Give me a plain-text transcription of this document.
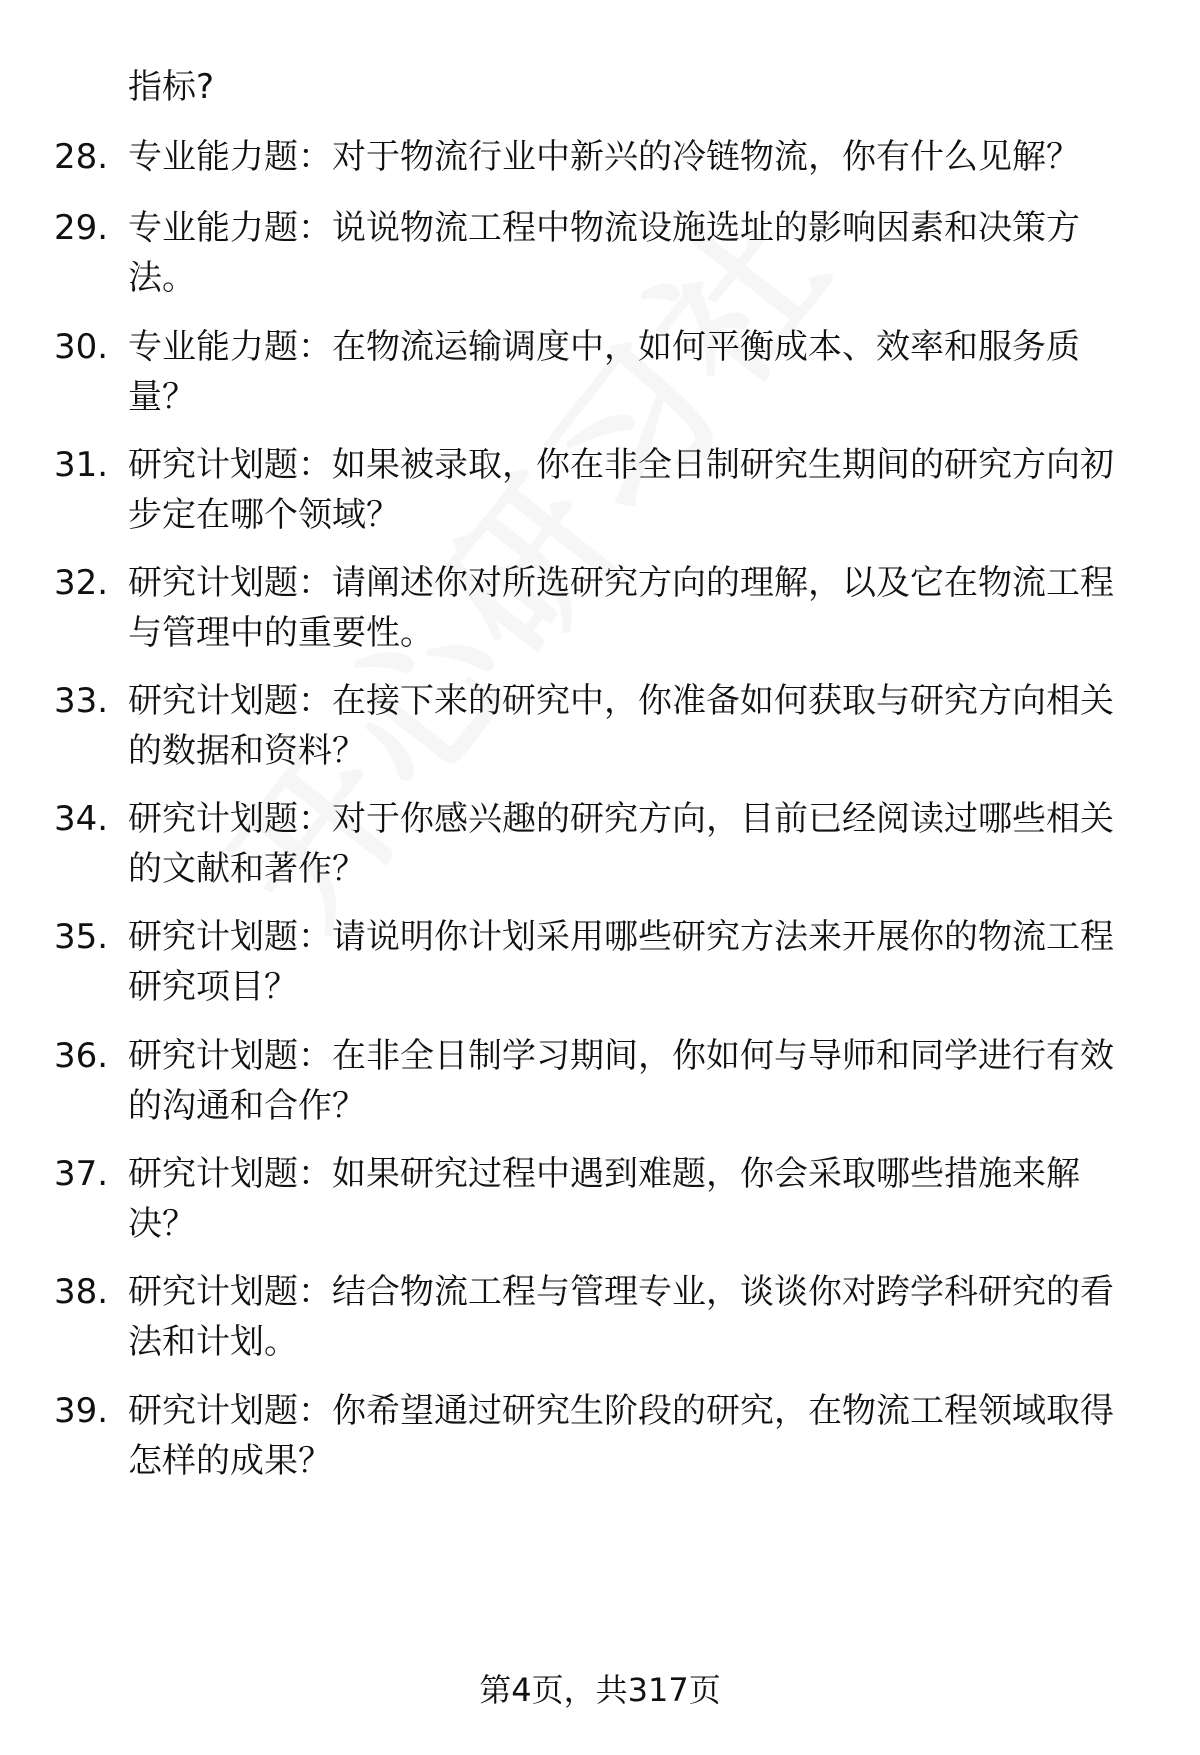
指标?
28. 专业能力题：对于物流行业中新兴的冷链物流，你有什么见解？
29. 专业能力题：说说物流工程中物流设施选址的影响因素和决策方法。
30. 专业能力题：在物流运输调度中，如何平衡成本、效率和服务质量？
31. 研究计划题：如果被录取，你在非全日制研究生期间的研究方向初步定在哪个领域？
32. 研究计划题：请阐述你对所选研究方向的理解，以及它在物流工程与管理中的重要性。
33. 研究计划题：在接下来的研究中，你准备如何获取与研究方向相关的数据和资料？
34. 研究计划题：对于你感兴趣的研究方向，目前已经阅读过哪些相关的文献和著作？
35. 研究计划题：请说明你计划采用哪些研究方法来开展你的物流工程研究项目？
36. 研究计划题：在非全日制学习期间，你如何与导师和同学进行有效的沟通和合作？
37. 研究计划题：如果研究过程中遇到难题，你会采取哪些措施来解决？
38. 研究计划题：结合物流工程与管理专业，谈谈你对跨学科研究的看法和计划。
39. 研究计划题：你希望通过研究生阶段的研究，在物流工程领域取得怎样的成果？
第4页，共317页
